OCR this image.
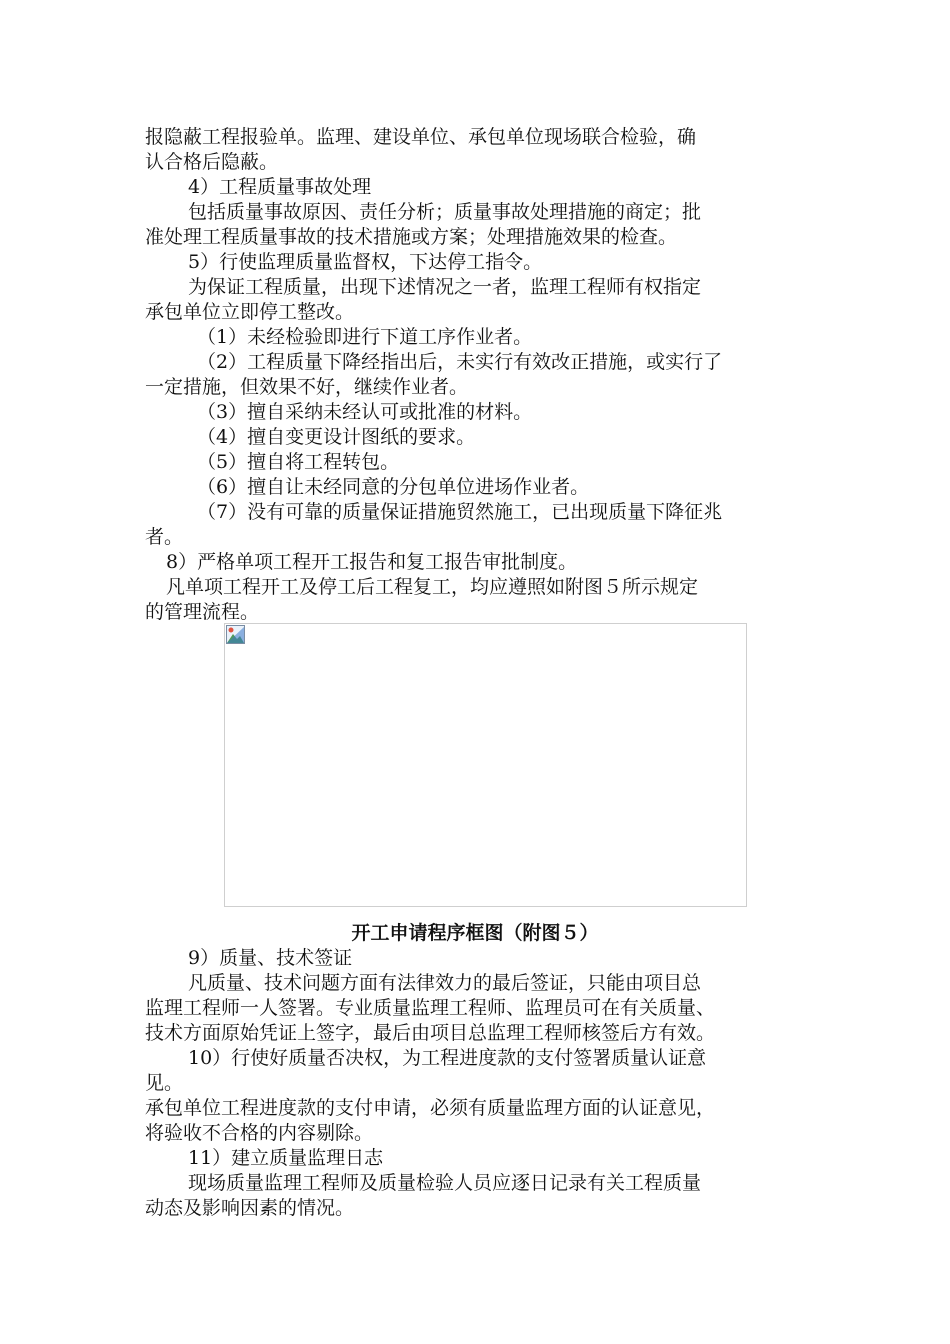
报隐蔽工程报验单。监理、建设单位、承包单位现场联合检验，确
认合格后隐蔽。
4）工程质量事故处理
包括质量事故原因、责任分析；质量事故处理措施的商定；批
准处理工程质量事故的技术措施或方案；处理措施效果的检查。
5）行使监理质量监督权，下达停工指令。
为保证工程质量，出现下述情况之一者，监理工程师有权指定
承包单位立即停工整改。
（1）未经检验即进行下道工序作业者。
（2）工程质量下降经指出后，未实行有效改正措施，或实行了
一定措施，但效果不好，继续作业者。
（3）擅自采纳未经认可或批准的材料。
（4）擅自变更设计图纸的要求。
（5）擅自将工程转包。
（6）擅自让未经同意的分包单位进场作业者。
（7）没有可靠的质量保证措施贸然施工，已出现质量下降征兆
者。
8）严格单项工程开工报告和复工报告审批制度。
凡单项工程开工及停工后工程复工，均应遵照如附图５所示规定
的管理流程。
开工申请程序框图（附图５）
9）质量、技术签证
凡质量、技术问题方面有法律效力的最后签证，只能由项目总
监理工程师一人签署。专业质量监理工程师、监理员可在有关质量、
技术方面原始凭证上签字，最后由项目总监理工程师核签后方有效。
10）行使好质量否决权，为工程进度款的支付签署质量认证意
见。
承包单位工程进度款的支付申请，必须有质量监理方面的认证意见，
将验收不合格的内容剔除。
11）建立质量监理日志
现场质量监理工程师及质量检验人员应逐日记录有关工程质量
动态及影响因素的情况。
